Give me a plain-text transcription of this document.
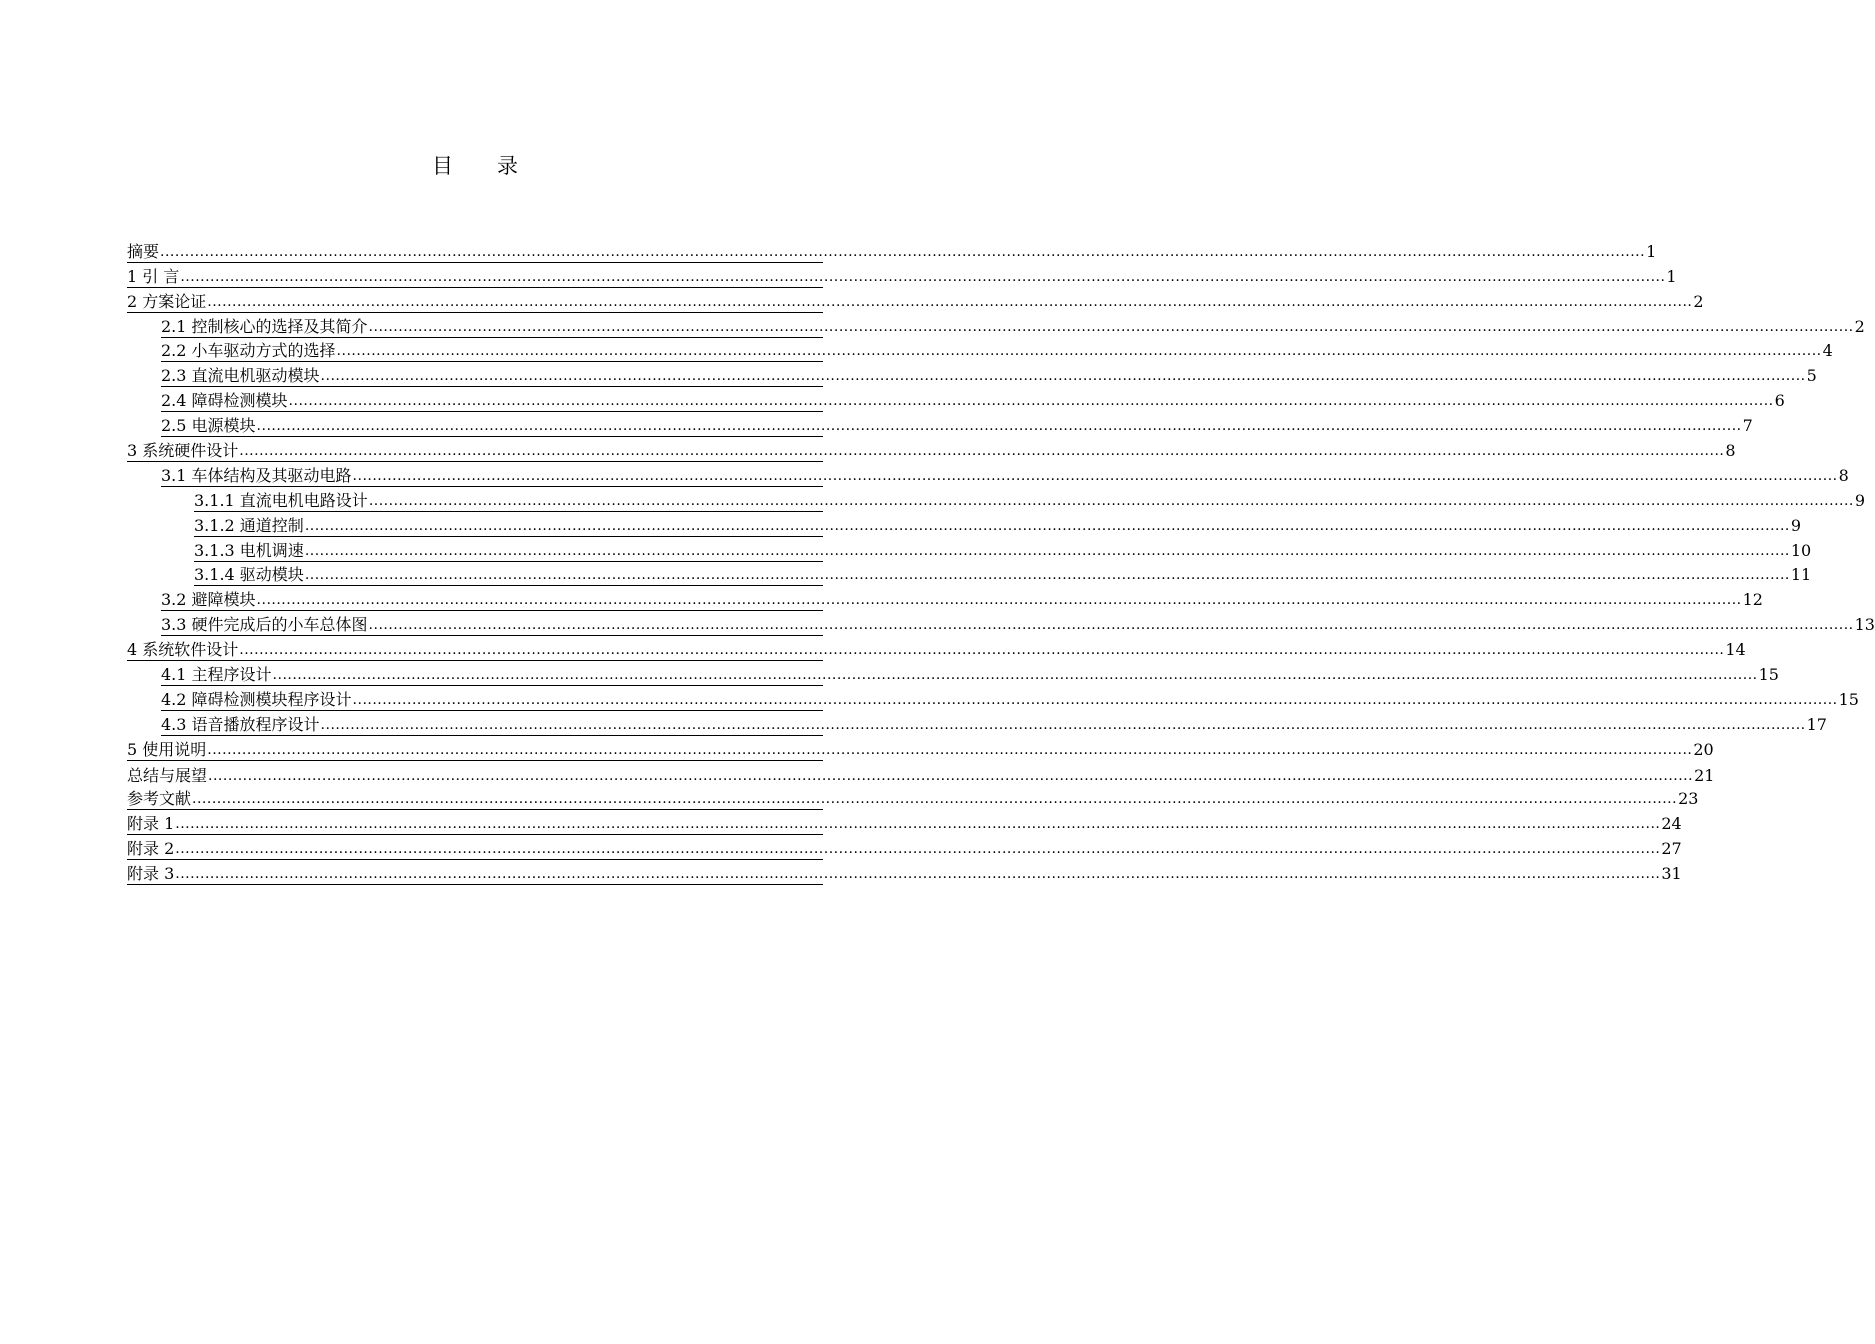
目 录
摘要 ............................................................................................................................................................................................................................................................................................................ 1
1 引 言 ............................................................................................................................................................................................................................................................................................................ 1
2 方案论证 ............................................................................................................................................................................................................................................................................................................ 2
2.1 控制核心的选择及其简介 ............................................................................................................................................................................................................................................................................................................ 2
2.2 小车驱动方式的选择 ............................................................................................................................................................................................................................................................................................................ 4
2.3 直流电机驱动模块 ............................................................................................................................................................................................................................................................................................................ 5
2.4 障碍检测模块 ............................................................................................................................................................................................................................................................................................................ 6
2.5 电源模块 ............................................................................................................................................................................................................................................................................................................ 7
3 系统硬件设计 ............................................................................................................................................................................................................................................................................................................ 8
3.1 车体结构及其驱动电路 ............................................................................................................................................................................................................................................................................................................ 8
3.1.1 直流电机电路设计 ............................................................................................................................................................................................................................................................................................................ 9
3.1.2 通道控制 ............................................................................................................................................................................................................................................................................................................ 9
3.1.3 电机调速 ............................................................................................................................................................................................................................................................................................................ 10
3.1.4 驱动模块 ............................................................................................................................................................................................................................................................................................................ 11
3.2 避障模块 ............................................................................................................................................................................................................................................................................................................ 12
3.3 硬件完成后的小车总体图 ............................................................................................................................................................................................................................................................................................................ 13
4 系统软件设计 ............................................................................................................................................................................................................................................................................................................ 14
4.1 主程序设计 ............................................................................................................................................................................................................................................................................................................ 15
4.2 障碍检测模块程序设计 ............................................................................................................................................................................................................................................................................................................ 15
4.3 语音播放程序设计 ............................................................................................................................................................................................................................................................................................................ 17
5 使用说明 ............................................................................................................................................................................................................................................................................................................ 20
总结与展望 ............................................................................................................................................................................................................................................................................................................ 21
参考文献 ............................................................................................................................................................................................................................................................................................................ 23
附录 1 ............................................................................................................................................................................................................................................................................................................ 24
附录 2 ............................................................................................................................................................................................................................................................................................................ 27
附录 3 ............................................................................................................................................................................................................................................................................................................ 31
